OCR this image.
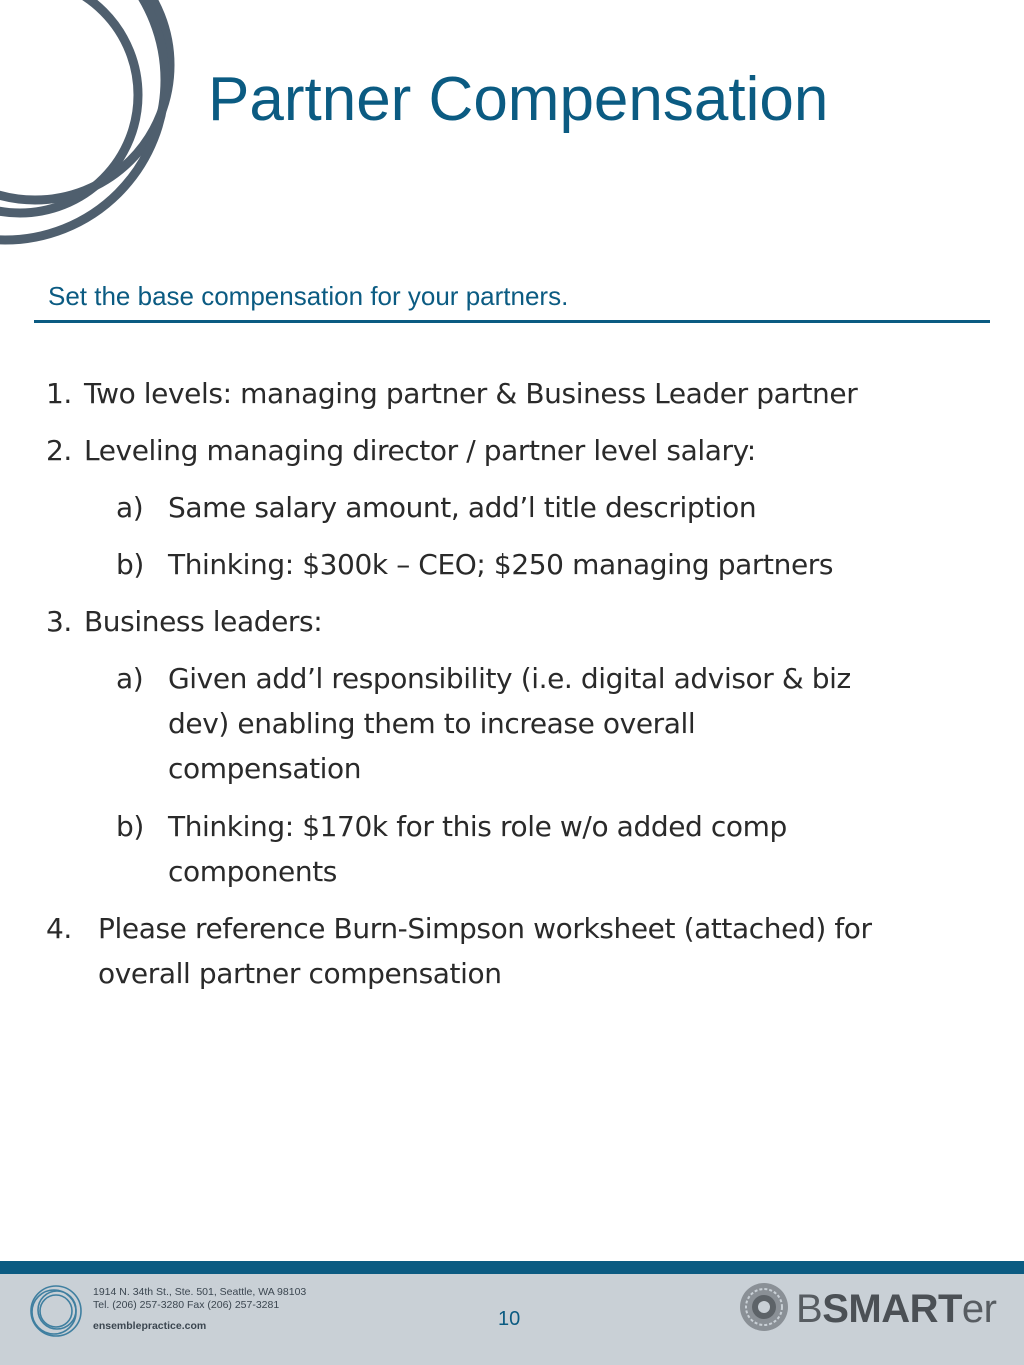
Partner Compensation
Set the base compensation for your partners.
1. Two levels: managing partner & Business Leader partner
2. Leveling managing director / partner level salary:
a) Same salary amount, add’l title description
b) Thinking: $300k – CEO; $250 managing partners
3. Business leaders:
a) Given add’l responsibility (i.e. digital advisor & biz
dev) enabling them to increase overall
compensation
b) Thinking: $170k for this role w/o added comp
components
4. Please reference Burn-Simpson worksheet (attached) for
overall partner compensation
1914 N. 34th St., Ste. 501, Seattle, WA 98103
Tel. (206) 257-3280 Fax (206) 257-3281
ensemblepractice.com	10	BSMARTer
